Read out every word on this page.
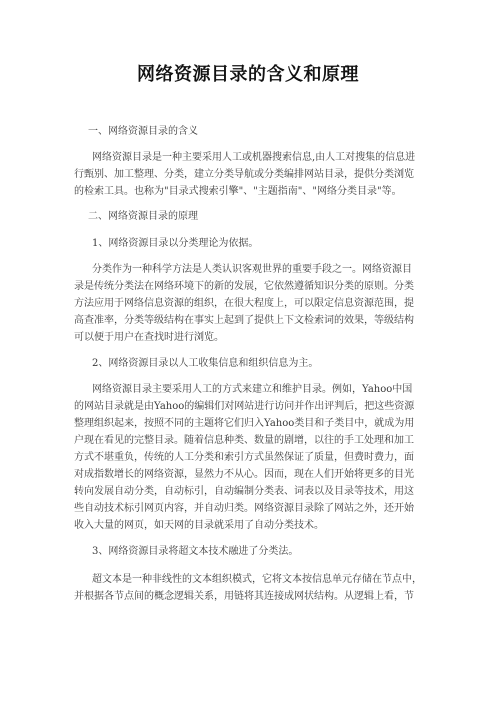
网络资源目录的含义和原理
一、网络资源目录的含义
网络资源目录是一种主要采用人工或机器搜索信息,由人工对搜集的信息进
行甄别、加工整理、分类，建立分类导航或分类编排网站目录，提供分类浏览
的检索工具。也称为"目录式搜索引擎"、"主题指南"、"网络分类目录"等。
二、网络资源目录的原理
1、网络资源目录以分类理论为依据。
分类作为一种科学方法是人类认识客观世界的重要手段之一。网络资源目
录是传统分类法在网络环境下的新的发展，它依然遵循知识分类的原则。分类
方法应用于网络信息资源的组织，在很大程度上，可以限定信息资源范围，提
高查准率，分类等级结构在事实上起到了提供上下文检索词的效果，等级结构
可以便于用户在查找时进行浏览。
2、网络资源目录以人工收集信息和组织信息为主。
网络资源目录主要采用人工的方式来建立和维护目录。例如，Yahoo中国
的网站目录就是由Yahoo的编辑们对网站进行访问并作出评判后，把这些资源
整理组织起来，按照不同的主题将它们归入Yahoo类目和子类目中，就成为用
户现在看见的完整目录。随着信息种类、数量的剧增，以往的手工处理和加工
方式不堪重负，传统的人工分类和索引方式虽然保证了质量，但费时费力，面
对成指数增长的网络资源，显然力不从心。因而，现在人们开始将更多的目光
转向发展自动分类，自动标引，自动编制分类表、词表以及目录等技术，用这
些自动技术标引网页内容，并自动归类。网络资源目录除了网站之外，还开始
收入大量的网页，如天网的目录就采用了自动分类技术。
3、网络资源目录将超文本技术融进了分类法。
超文本是一种非线性的文本组织模式，它将文本按信息单元存储在节点中，
并根据各节点间的概念逻辑关系，用链将其连接成网状结构。从逻辑上看，节
